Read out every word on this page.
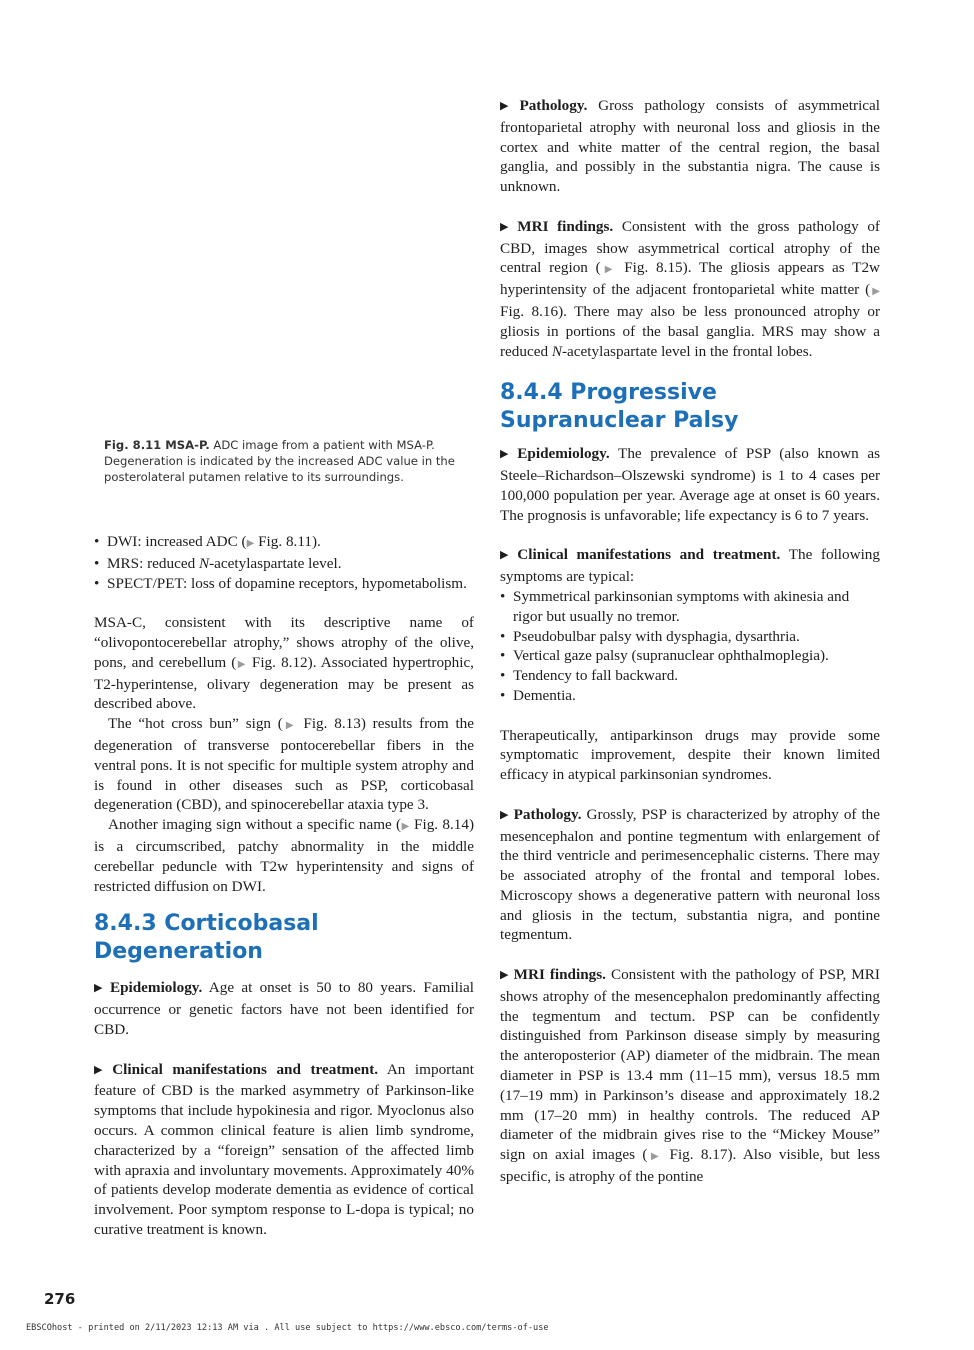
Fig. 8.11 MSA-P. ADC image from a patient with MSA-P. Degeneration is indicated by the increased ADC value in the posterolateral putamen relative to its surroundings.
• DWI: increased ADC (▶ Fig. 8.11).
• MRS: reduced N-acetylaspartate level.
• SPECT/PET: loss of dopamine receptors, hypometabolism.

MSA-C, consistent with its descriptive name of “olivopontocerebellar atrophy,” shows atrophy of the olive, pons, and cerebellum (▶ Fig. 8.12). Associated hypertrophic, T2-hyperintense, olivary degeneration may be present as described above.

The “hot cross bun” sign (▶ Fig. 8.13) results from the degeneration of transverse pontocerebellar fibers in the ventral pons. It is not specific for multiple system atrophy and is found in other diseases such as PSP, corticobasal degeneration (CBD), and spinocerebellar ataxia type 3.

Another imaging sign without a specific name (▶ Fig. 8.14) is a circumscribed, patchy abnormality in the middle cerebellar peduncle with T2w hyperintensity and signs of restricted diffusion on DWI.

8.4.3 Corticobasal Degeneration

▶ Epidemiology. Age at onset is 50 to 80 years. Familial occurrence or genetic factors have not been identified for CBD.

▶ Clinical manifestations and treatment. An important feature of CBD is the marked asymmetry of Parkinson-like symptoms that include hypokinesia and rigor. Myoclonus also occurs. A common clinical feature is alien limb syndrome, characterized by a “foreign” sensation of the affected limb with apraxia and involuntary movements. Approximately 40% of patients develop moderate dementia as evidence of cortical involvement. Poor symptom response to L-dopa is typical; no curative treatment is known.

▶ Pathology. Gross pathology consists of asymmetrical frontoparietal atrophy with neuronal loss and gliosis in the cortex and white matter of the central region, the basal ganglia, and possibly in the substantia nigra. The cause is unknown.

▶ MRI findings. Consistent with the gross pathology of CBD, images show asymmetrical cortical atrophy of the central region (▶ Fig. 8.15). The gliosis appears as T2w hyperintensity of the adjacent frontoparietal white matter (▶ Fig. 8.16). There may also be less pronounced atrophy or gliosis in portions of the basal ganglia. MRS may show a reduced N-acetylaspartate level in the frontal lobes.

8.4.4 Progressive Supranuclear Palsy

▶ Epidemiology. The prevalence of PSP (also known as Steele–Richardson–Olszewski syndrome) is 1 to 4 cases per 100,000 population per year. Average age at onset is 60 years. The prognosis is unfavorable; life expectancy is 6 to 7 years.

▶ Clinical manifestations and treatment. The following symptoms are typical:

• Symmetrical parkinsonian symptoms with akinesia and rigor but usually no tremor.
• Pseudobulbar palsy with dysphagia, dysarthria.
• Vertical gaze palsy (supranuclear ophthalmoplegia).
• Tendency to fall backward.
• Dementia.

Therapeutically, antiparkinson drugs may provide some symptomatic improvement, despite their known limited efficacy in atypical parkinsonian syndromes.

▶ Pathology. Grossly, PSP is characterized by atrophy of the mesencephalon and pontine tegmentum with enlargement of the third ventricle and perimesencephalic cisterns. There may be associated atrophy of the frontal and temporal lobes. Microscopy shows a degenerative pattern with neuronal loss and gliosis in the tectum, substantia nigra, and pontine tegmentum.

▶ MRI findings. Consistent with the pathology of PSP, MRI shows atrophy of the mesencephalon predominantly affecting the tegmentum and tectum. PSP can be confidently distinguished from Parkinson disease simply by measuring the anteroposterior (AP) diameter of the midbrain. The mean diameter in PSP is 13.4 mm (11–15 mm), versus 18.5 mm (17–19 mm) in Parkinson’s disease and approximately 18.2 mm (17–20 mm) in healthy controls. The reduced AP diameter of the midbrain gives rise to the “Mickey Mouse” sign on axial images (▶ Fig. 8.17). Also visible, but less specific, is atrophy of the pontine

276
EBSCOhost - printed on 2/11/2023 12:13 AM via . All use subject to https://www.ebsco.com/terms-of-use
